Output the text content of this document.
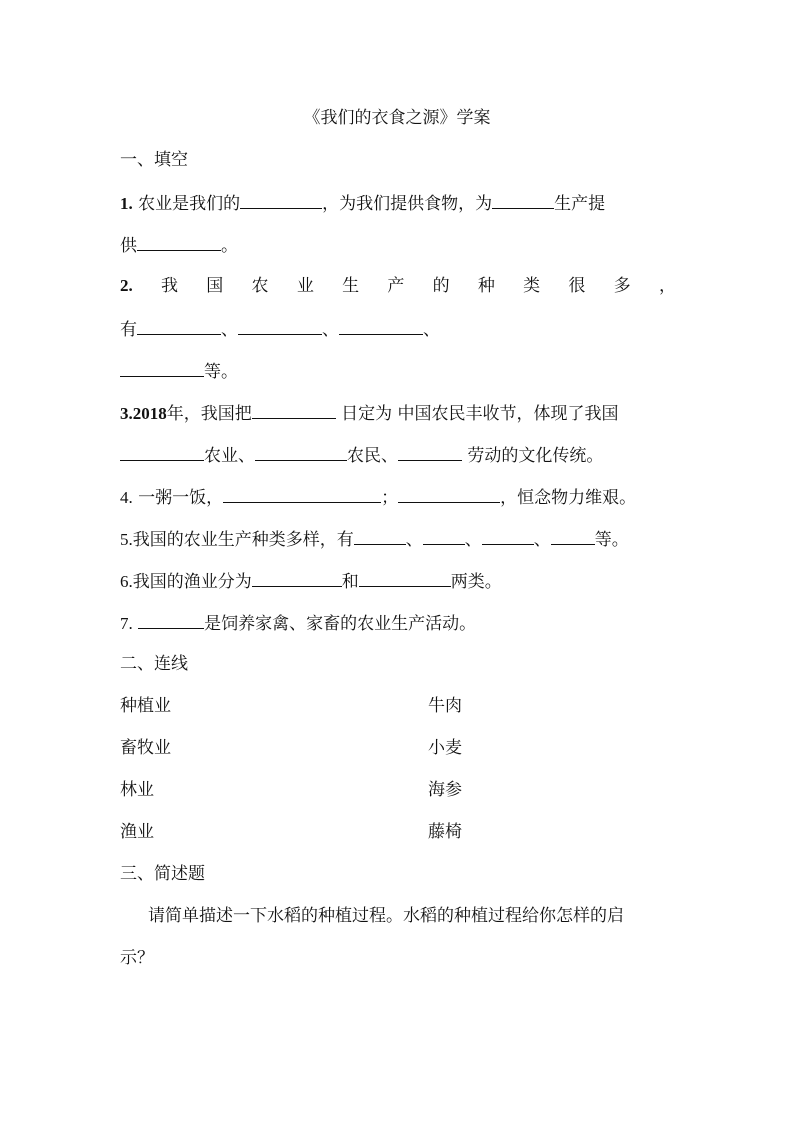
《我们的衣食之源》学案
一、填空
1. 农业是我们的	，为我们提供食物，为	生产提
供	。
2. 我 国 农 业 生 产 的 种 类 很 多 ，
有	、	、	、
等。
3.2018年，我国把	日定为 中国农民丰收节，体现了我国
农业、	农民、	劳动的文化传统。
4. 一粥一饭，	；	，恒念物力维艰。
5.我国的农业生产种类多样，有	、 、	、	等。
6.我国的渔业分为	和	两类。
7.	是饲养家禽、家畜的农业生产活动。
二、连线
种植业	牛肉
畜牧业	小麦
林业	海参
渔业	藤椅
三、简述题
请简单描述一下水稻的种植过程。水稻的种植过程给你怎样的启
示？
